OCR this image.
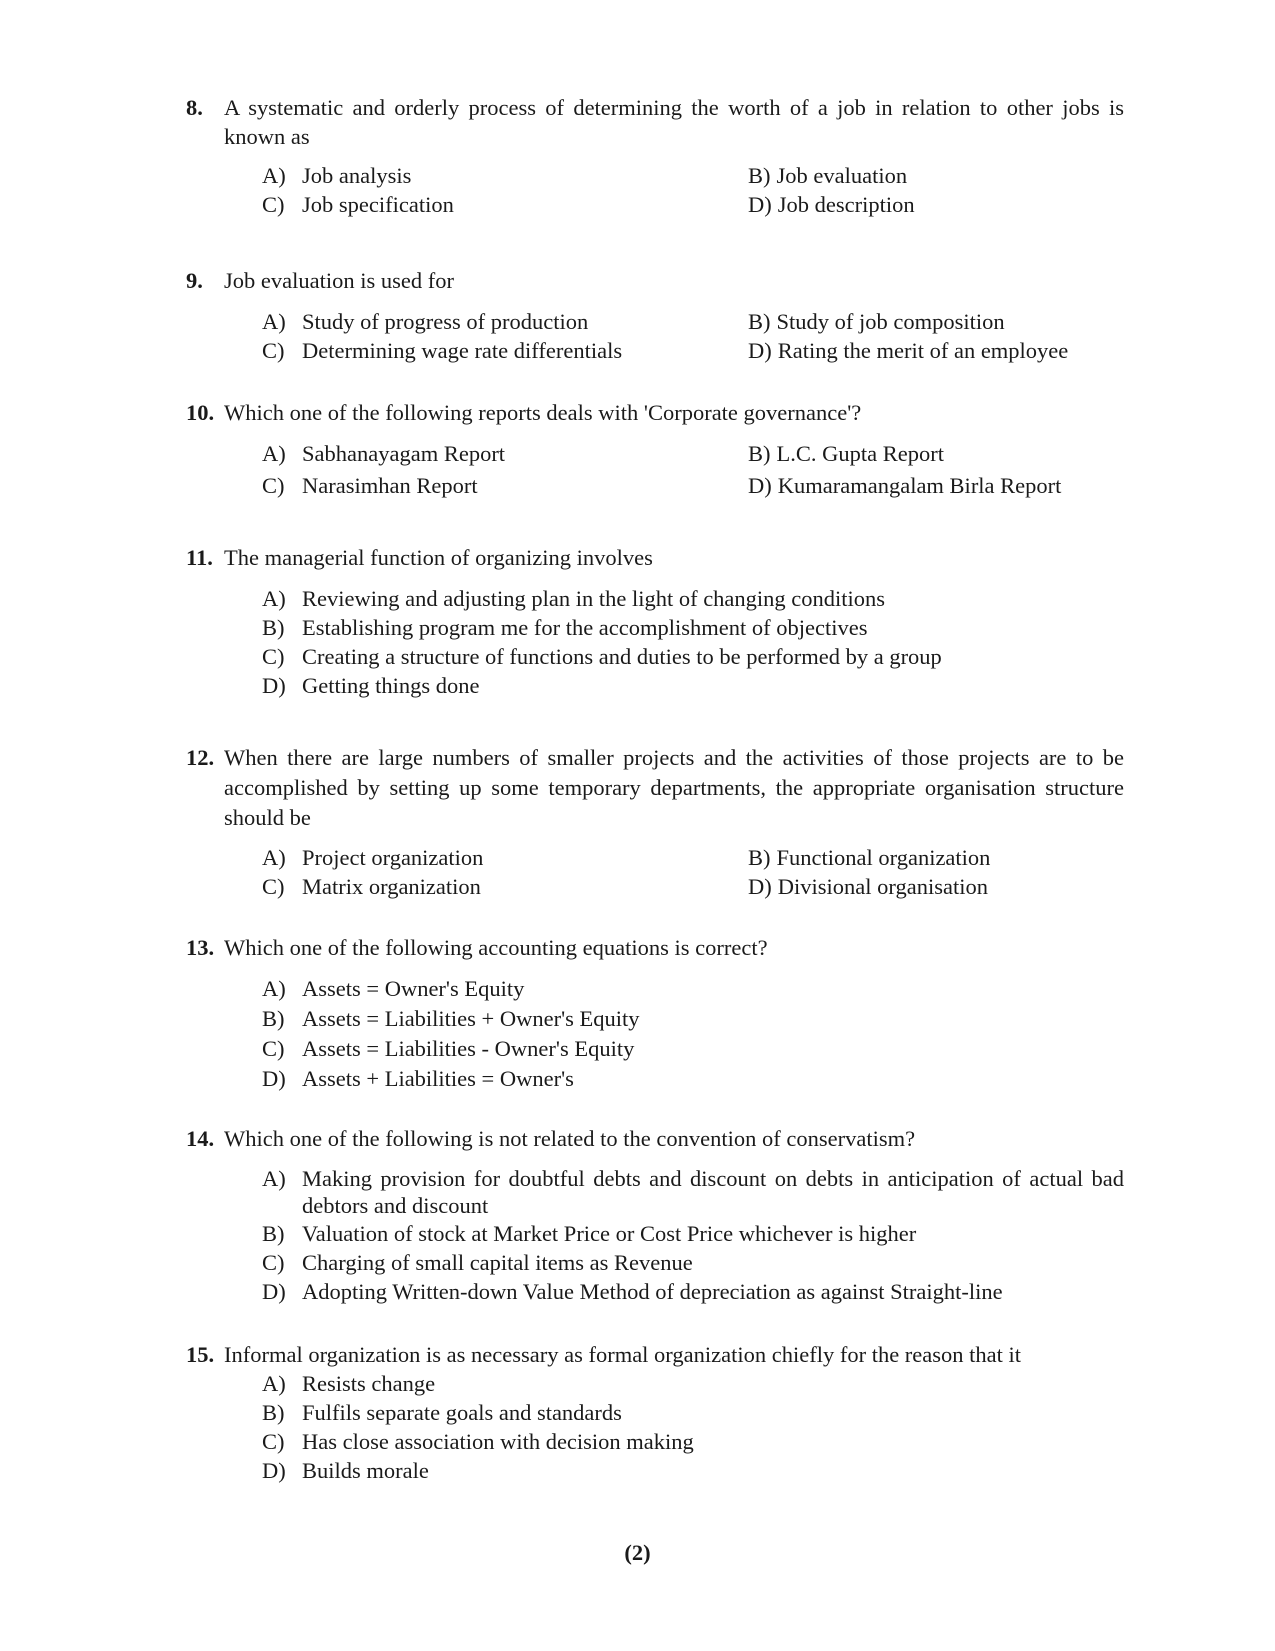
8. A systematic and orderly process of determining the worth of a job in relation to other jobs is known as
A) Job analysis	B) Job evaluation
C) Job specification	D) Job description
9. Job evaluation is used for
A) Study of progress of production	B) Study of job composition
C) Determining wage rate differentials	D) Rating the merit of an employee
10. Which one of the following reports deals with 'Corporate governance'?
A) Sabhanayagam Report	B) L.C. Gupta Report
C) Narasimhan Report	D) Kumaramangalam Birla Report
11. The managerial function of organizing involves
A) Reviewing and adjusting plan in the light of changing conditions
B) Establishing program me for the accomplishment of objectives
C) Creating a structure of functions and duties to be performed by a group
D) Getting things done
12. When there are large numbers of smaller projects and the activities of those projects are to be accomplished by setting up some temporary departments, the appropriate organisation structure should be
A) Project organization	B) Functional organization
C) Matrix organization	D) Divisional organisation
13. Which one of the following accounting equations is correct?
A) Assets = Owner's Equity
B) Assets = Liabilities + Owner's Equity
C) Assets = Liabilities - Owner's Equity
D) Assets + Liabilities = Owner's
14. Which one of the following is not related to the convention of conservatism?
A) Making provision for doubtful debts and discount on debts in anticipation of actual bad debtors and discount
B) Valuation of stock at Market Price or Cost Price whichever is higher
C) Charging of small capital items as Revenue
D) Adopting Written-down Value Method of depreciation as against Straight-line
15. Informal organization is as necessary as formal organization chiefly for the reason that it
A) Resists change
B) Fulfils separate goals and standards
C) Has close association with decision making
D) Builds morale
(2)
